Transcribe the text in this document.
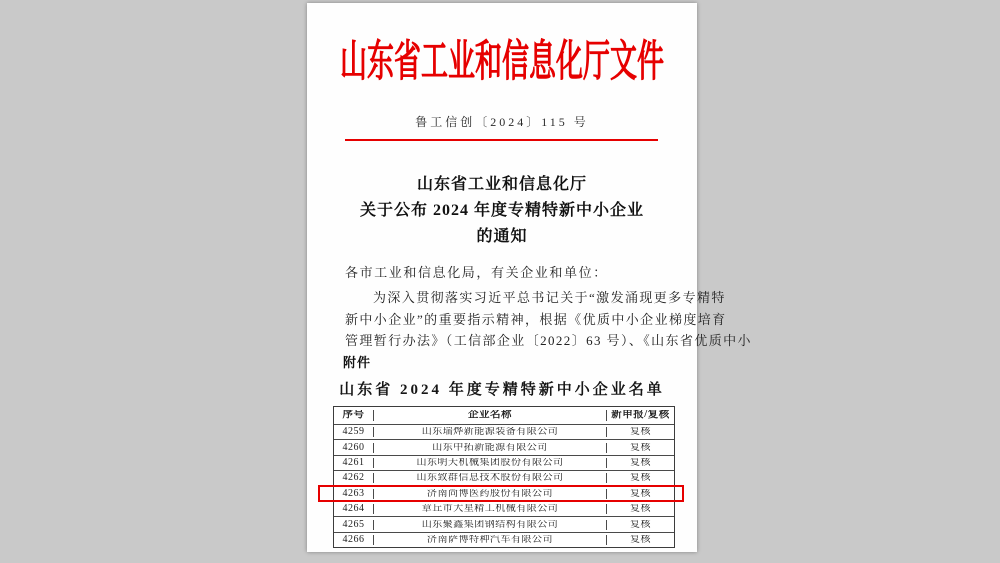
山东省工业和信息化厅文件
鲁工信创〔2024〕115 号
山东省工业和信息化厅
关于公布 2024 年度专精特新中小企业
的通知
各市工业和信息化局，有关企业和单位：
为深入贯彻落实习近平总书记关于“激发涌现更多专精特
新中小企业”的重要指示精神，根据《优质中小企业梯度培育
管理暂行办法》（工信部企业〔2022〕63 号）、《山东省优质中小
附件
山东省 2024 年度专精特新中小企业名单
序号	企业名称	新申报/复核
4259	山东瑞烨新能源装备有限公司	复核
4260	山东中拓新能源有限公司	复核
4261	山东明天机械集团股份有限公司	复核
4262	山东致群信息技术股份有限公司	复核
4263	济南尚博医药股份有限公司	复核
4264	章丘市大星精工机械有限公司	复核
4265	山东聚鑫集团钢结构有限公司	复核
4266	济南萨博特种汽车有限公司	复核
